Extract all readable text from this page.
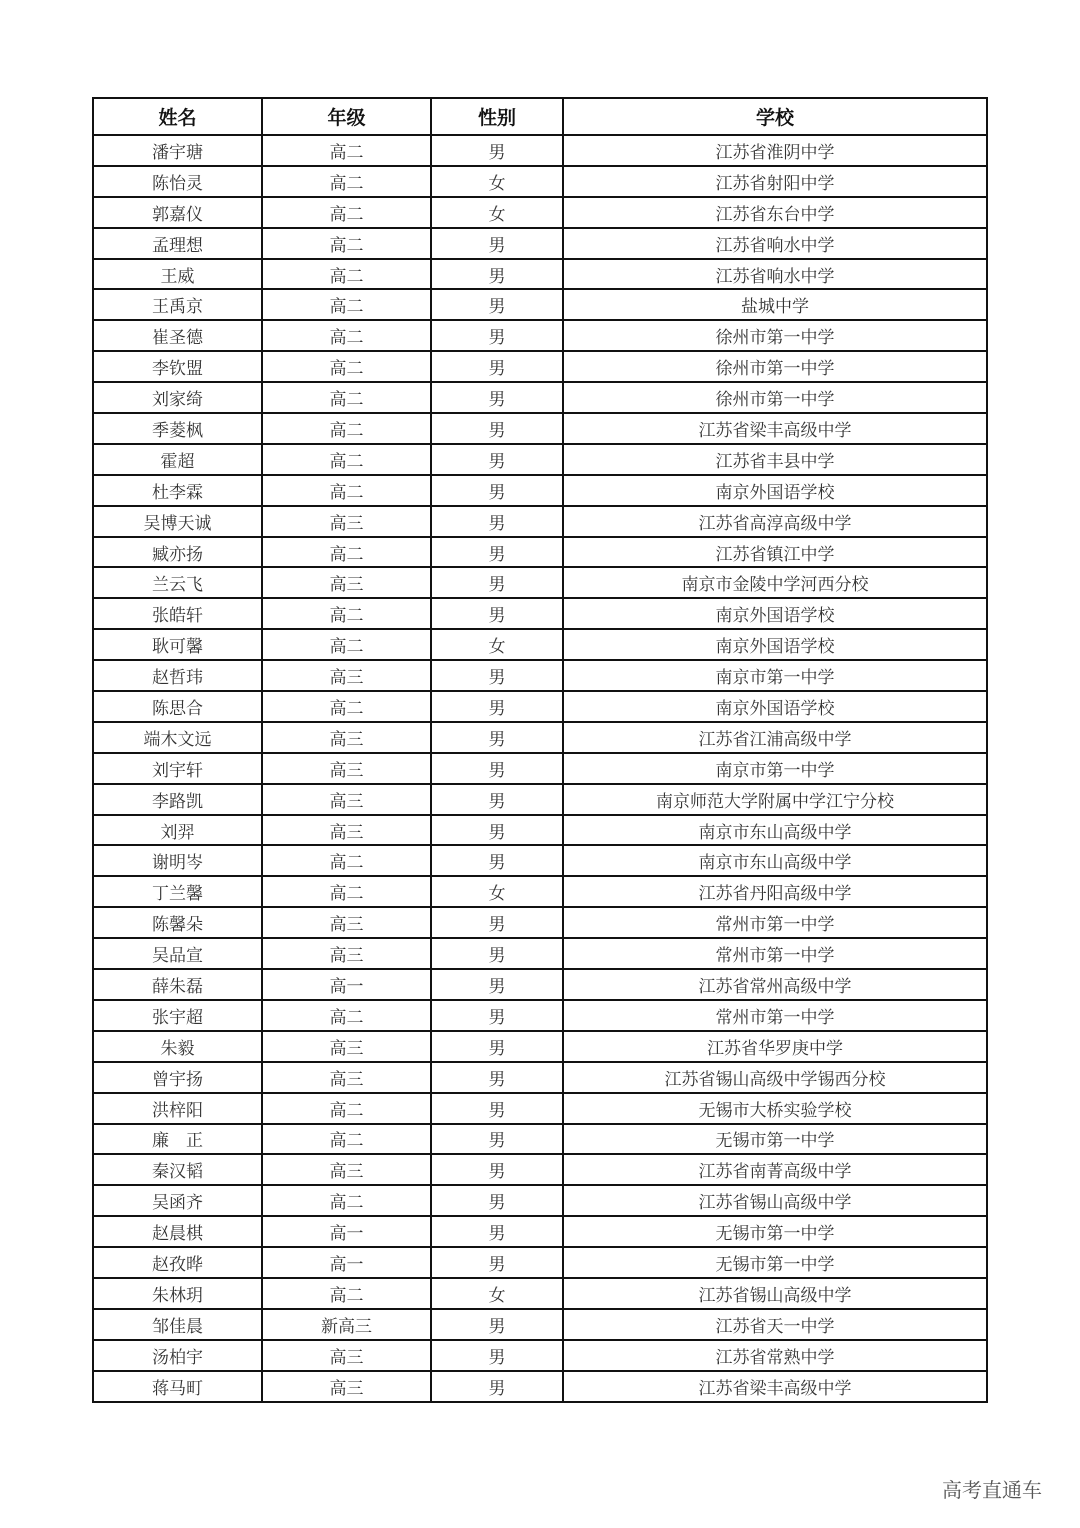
姓名	年级	性别	学校
潘宇瑭	高二	男	江苏省淮阴中学
陈怡灵	高二	女	江苏省射阳中学
郭嘉仪	高二	女	江苏省东台中学
孟理想	高二	男	江苏省响水中学
王威	高二	男	江苏省响水中学
王禹京	高二	男	盐城中学
崔圣德	高二	男	徐州市第一中学
李钦盟	高二	男	徐州市第一中学
刘家绮	高二	男	徐州市第一中学
季菱枫	高二	男	江苏省梁丰高级中学
霍超	高二	男	江苏省丰县中学
杜李霖	高二	男	南京外国语学校
吴博天诚	高三	男	江苏省高淳高级中学
臧亦扬	高二	男	江苏省镇江中学
兰云飞	高三	男	南京市金陵中学河西分校
张皓轩	高二	男	南京外国语学校
耿可馨	高二	女	南京外国语学校
赵哲玮	高三	男	南京市第一中学
陈思合	高二	男	南京外国语学校
端木文远	高三	男	江苏省江浦高级中学
刘宇轩	高三	男	南京市第一中学
李路凯	高三	男	南京师范大学附属中学江宁分校
刘羿	高三	男	南京市东山高级中学
谢明岑	高二	男	南京市东山高级中学
丁兰馨	高二	女	江苏省丹阳高级中学
陈馨朵	高三	男	常州市第一中学
吴品宣	高三	男	常州市第一中学
薛朱磊	高一	男	江苏省常州高级中学
张宇超	高二	男	常州市第一中学
朱毅	高三	男	江苏省华罗庚中学
曾宇扬	高三	男	江苏省锡山高级中学锡西分校
洪梓阳	高二	男	无锡市大桥实验学校
廉　正	高二	男	无锡市第一中学
秦汉韬	高三	男	江苏省南菁高级中学
吴函齐	高二	男	江苏省锡山高级中学
赵晨棋	高一	男	无锡市第一中学
赵孜晔	高一	男	无锡市第一中学
朱林玥	高二	女	江苏省锡山高级中学
邹佳晨	新高三	男	江苏省天一中学
汤柏宇	高三	男	江苏省常熟中学
蒋马町	高三	男	江苏省梁丰高级中学
高考直通车
